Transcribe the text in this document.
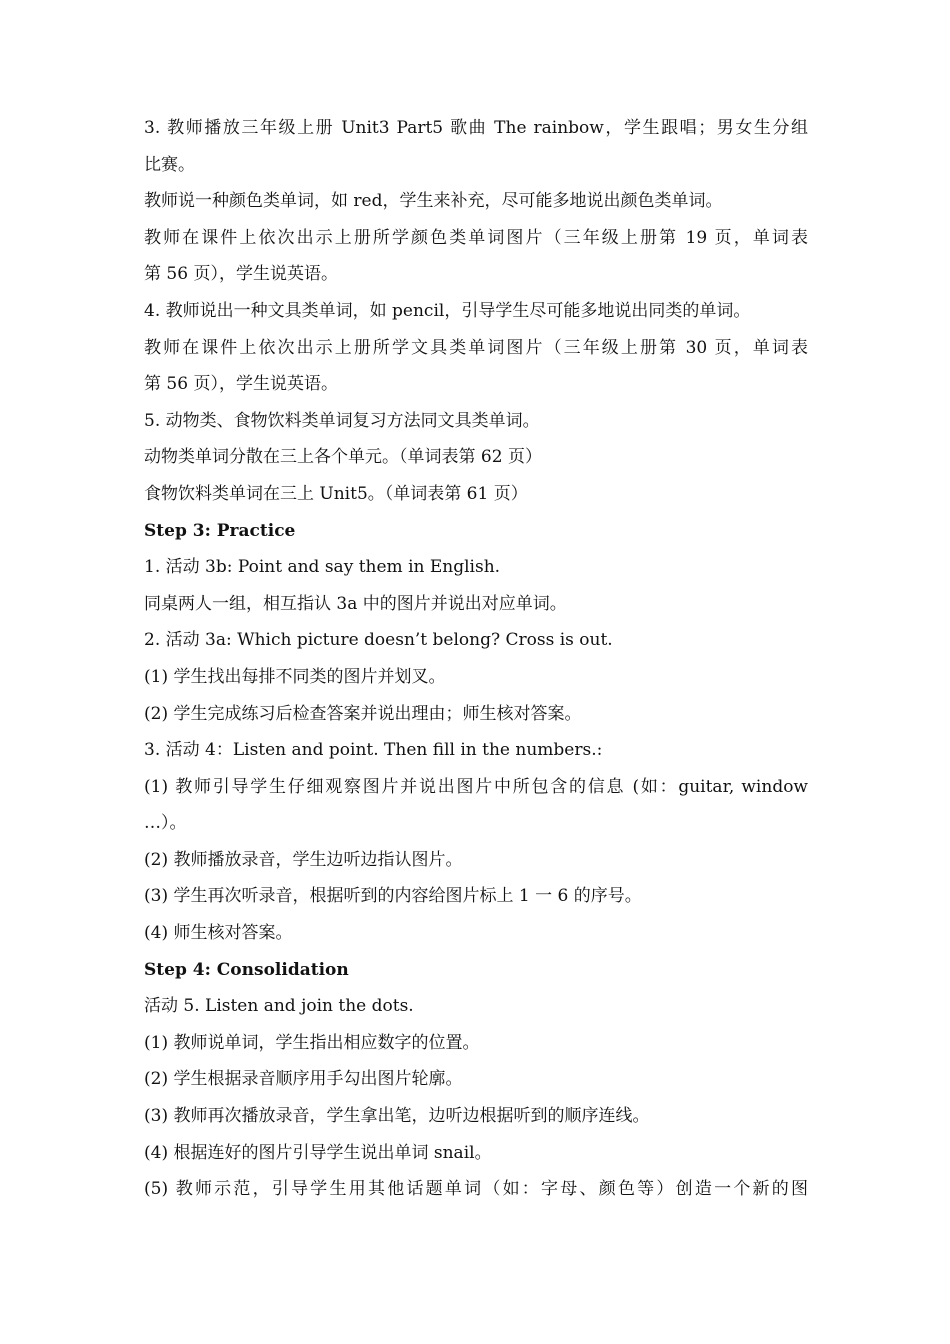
3. 教师播放三年级上册 Unit3 Part5 歌曲 The rainbow，学生跟唱；男女生分组
比赛。
教师说一种颜色类单词，如 red，学生来补充，尽可能多地说出颜色类单词。
教师在课件上依次出示上册所学颜色类单词图片（三年级上册第 19 页，单词表
第 56 页），学生说英语。
4. 教师说出一种文具类单词，如 pencil，引导学生尽可能多地说出同类的单词。
教师在课件上依次出示上册所学文具类单词图片（三年级上册第 30 页，单词表
第 56 页），学生说英语。
5. 动物类、食物饮料类单词复习方法同文具类单词。
动物类单词分散在三上各个单元。（单词表第 62 页）
食物饮料类单词在三上 Unit5。（单词表第 61 页）
Step 3: Practice
1. 活动 3b: Point and say them in English.
同桌两人一组，相互指认 3a 中的图片并说出对应单词。
2. 活动 3a: Which picture doesn’t belong? Cross is out.
(1) 学生找出每排不同类的图片并划叉。
(2) 学生完成练习后检查答案并说出理由；师生核对答案。
3. 活动 4：Listen and point. Then fill in the numbers.:
(1) 教师引导学生仔细观察图片并说出图片中所包含的信息 (如：guitar, window
…）。
(2) 教师播放录音，学生边听边指认图片。
(3) 学生再次听录音，根据听到的内容给图片标上 1 一 6 的序号。
(4) 师生核对答案。
Step 4: Consolidation
活动 5. Listen and join the dots.
(1) 教师说单词，学生指出相应数字的位置。
(2) 学生根据录音顺序用手勾出图片轮廓。
(3) 教师再次播放录音，学生拿出笔，边听边根据听到的顺序连线。
(4) 根据连好的图片引导学生说出单词 snail。
(5) 教师示范，引导学生用其他话题单词（如：字母、颜色等）创造一个新的图
